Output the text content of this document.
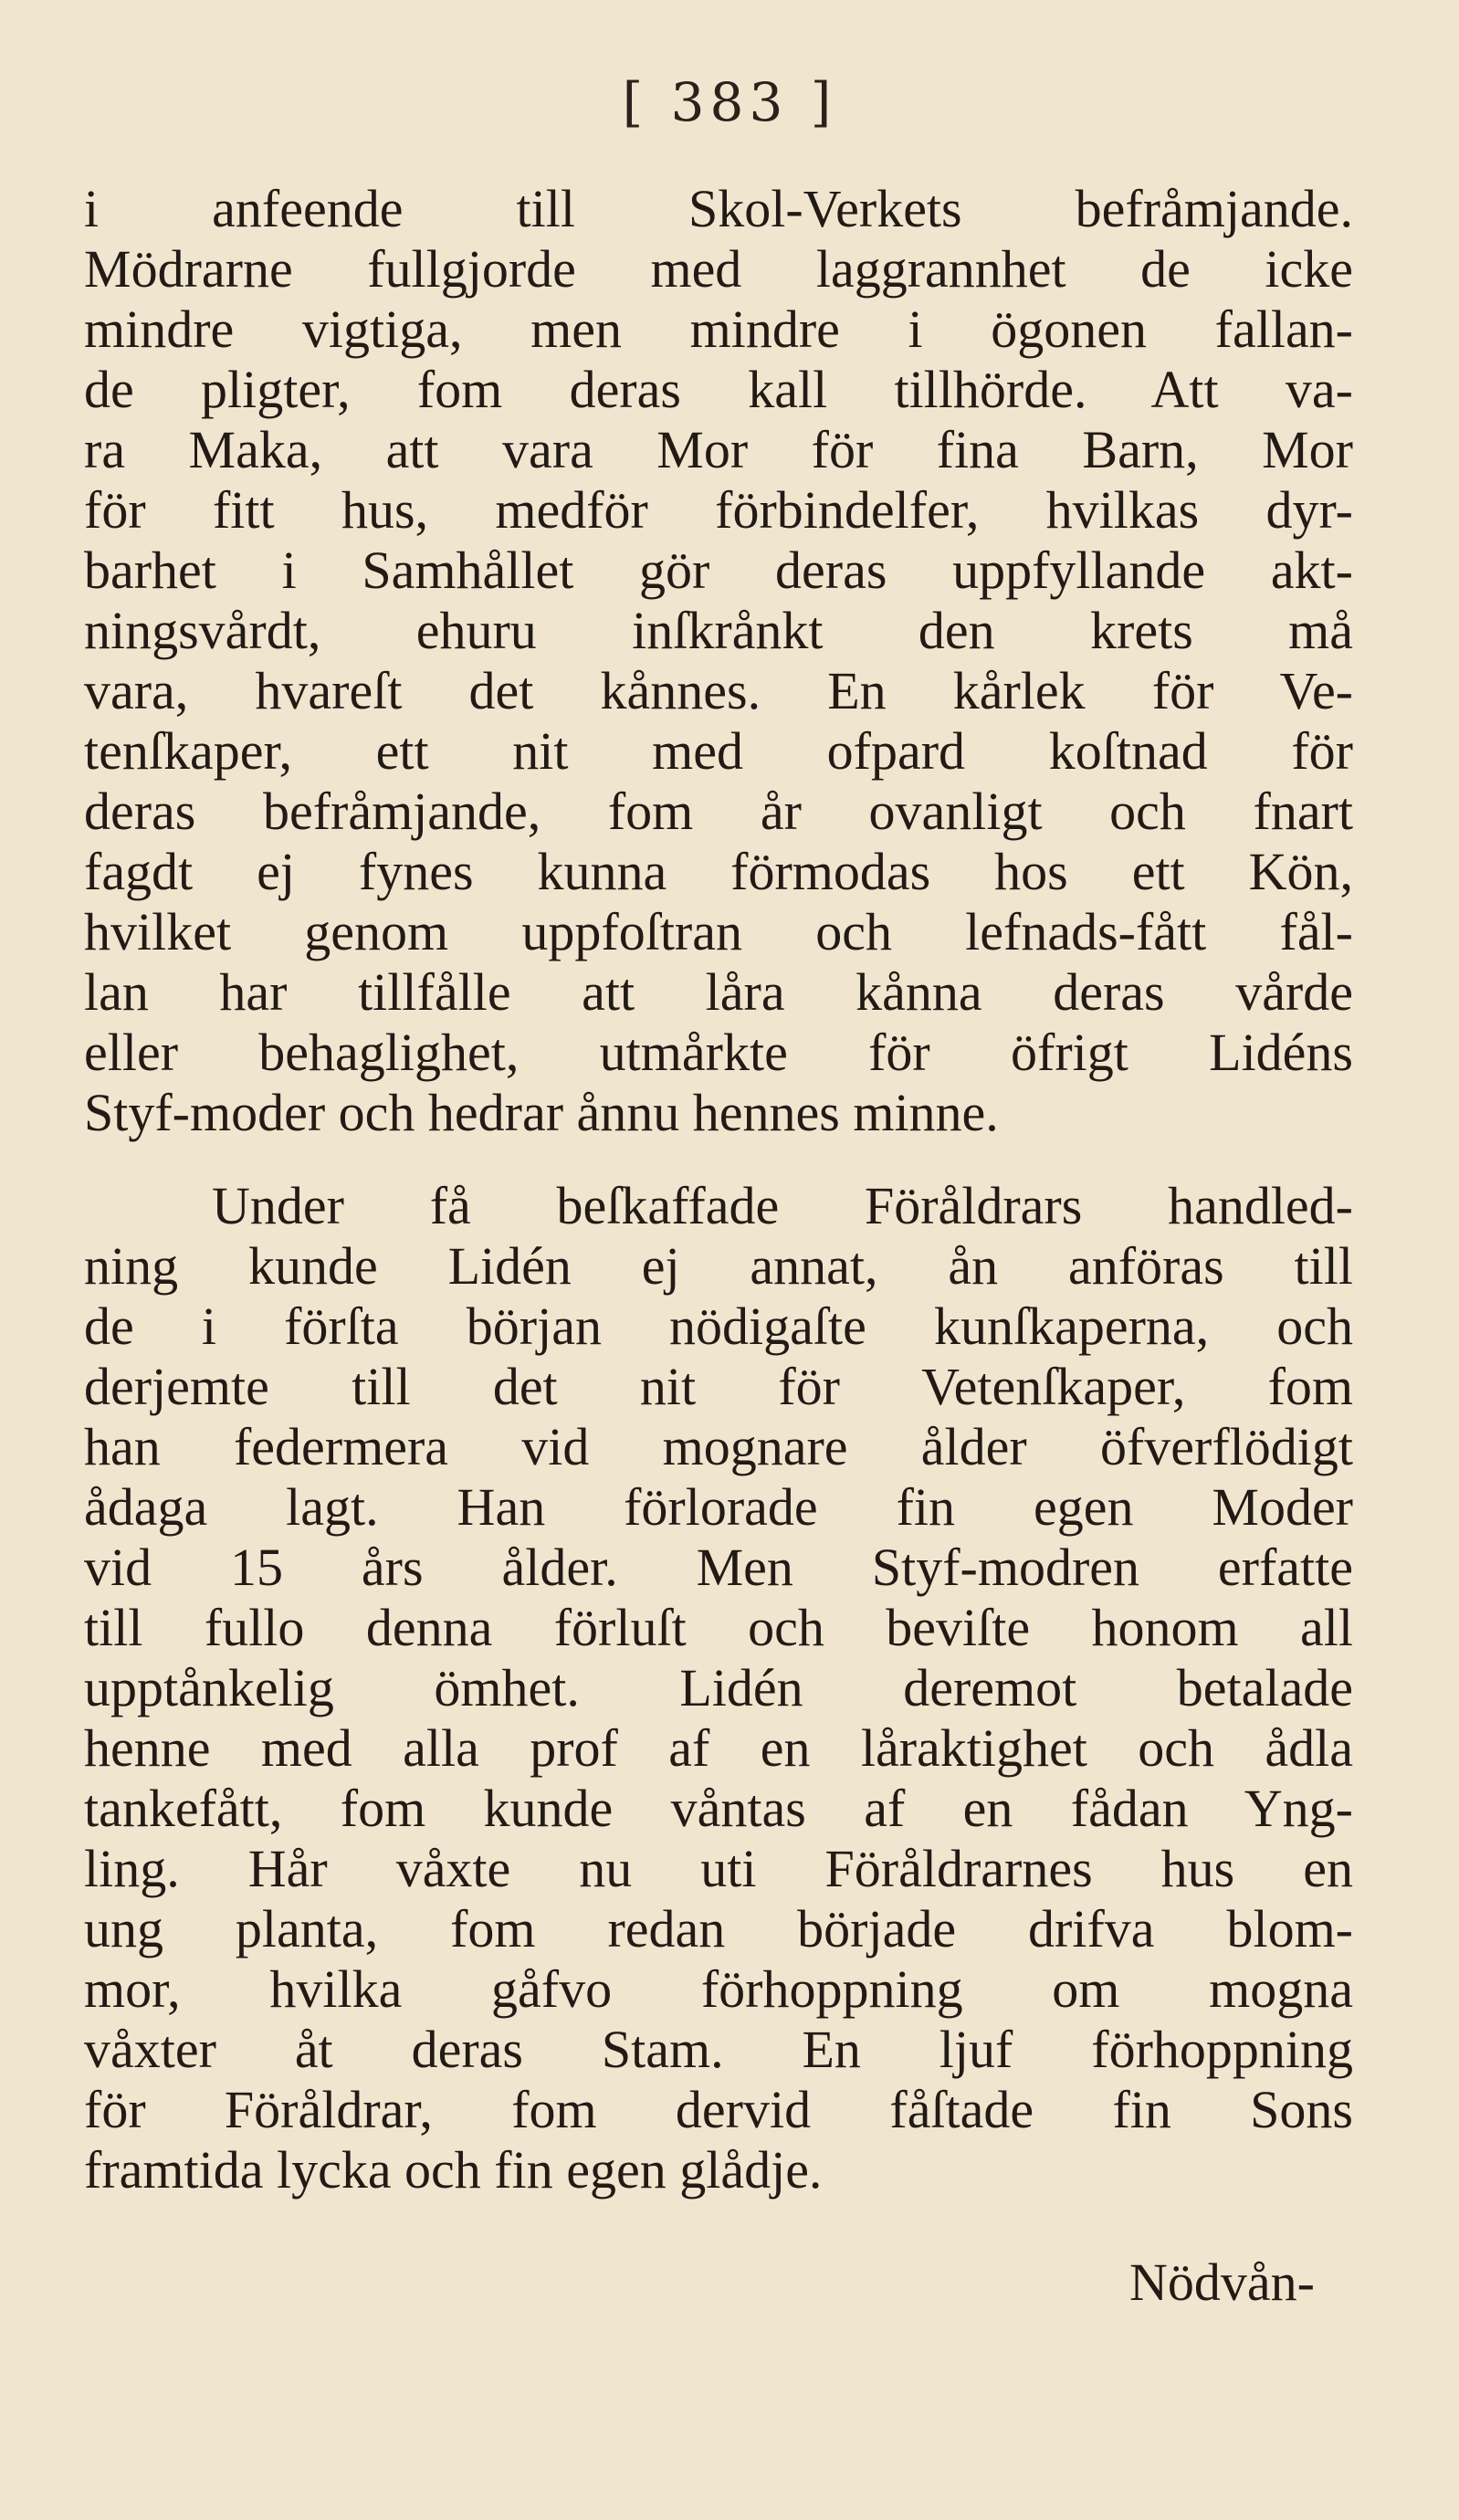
[ 383 ]
i anfeende till Skol-Verkets befråmjande.
Mödrarne fullgjorde med laggrannhet de icke
mindre vigtiga, men mindre i ögonen fallan-
de pligter, fom deras kall tillhörde. Att va-
ra Maka, att vara Mor för fina Barn, Mor
för fitt hus, medför förbindelfer, hvilkas dyr-
barhet i Samhållet gör deras uppfyllande akt-
ningsvårdt, ehuru inſkrånkt den krets må
vara, hvareſt det kånnes. En kårlek för Ve-
tenſkaper, ett nit med ofpard koſtnad för
deras befråmjande, fom år ovanligt och fnart
fagdt ej fynes kunna förmodas hos ett Kön,
hvilket genom uppfoſtran och lefnads-fått fål-
lan har tillfålle att låra kånna deras vårde
eller behaglighet, utmårkte för öfrigt Lidéns
Styf-moder och hedrar ånnu hennes minne.
Under få beſkaffade Föråldrars handled-
ning kunde Lidén ej annat, ån anföras till
de i förſta början nödigaſte kunſkaperna, och
derjemte till det nit för Vetenſkaper, fom
han federmera vid mognare ålder öfverflödigt
ådaga lagt. Han förlorade fin egen Moder
vid 15 års ålder. Men Styf-modren erfatte
till fullo denna förluſt och beviſte honom all
upptånkelig ömhet. Lidén deremot betalade
henne med alla prof af en låraktighet och ådla
tankefått, fom kunde våntas af en fådan Yng-
ling. Hår våxte nu uti Föråldrarnes hus en
ung planta, fom redan började drifva blom-
mor, hvilka gåfvo förhoppning om mogna
våxter åt deras Stam. En ljuf förhoppning
för Föråldrar, fom dervid fåſtade fin Sons
framtida lycka och fin egen glådje.
Nödvån-
